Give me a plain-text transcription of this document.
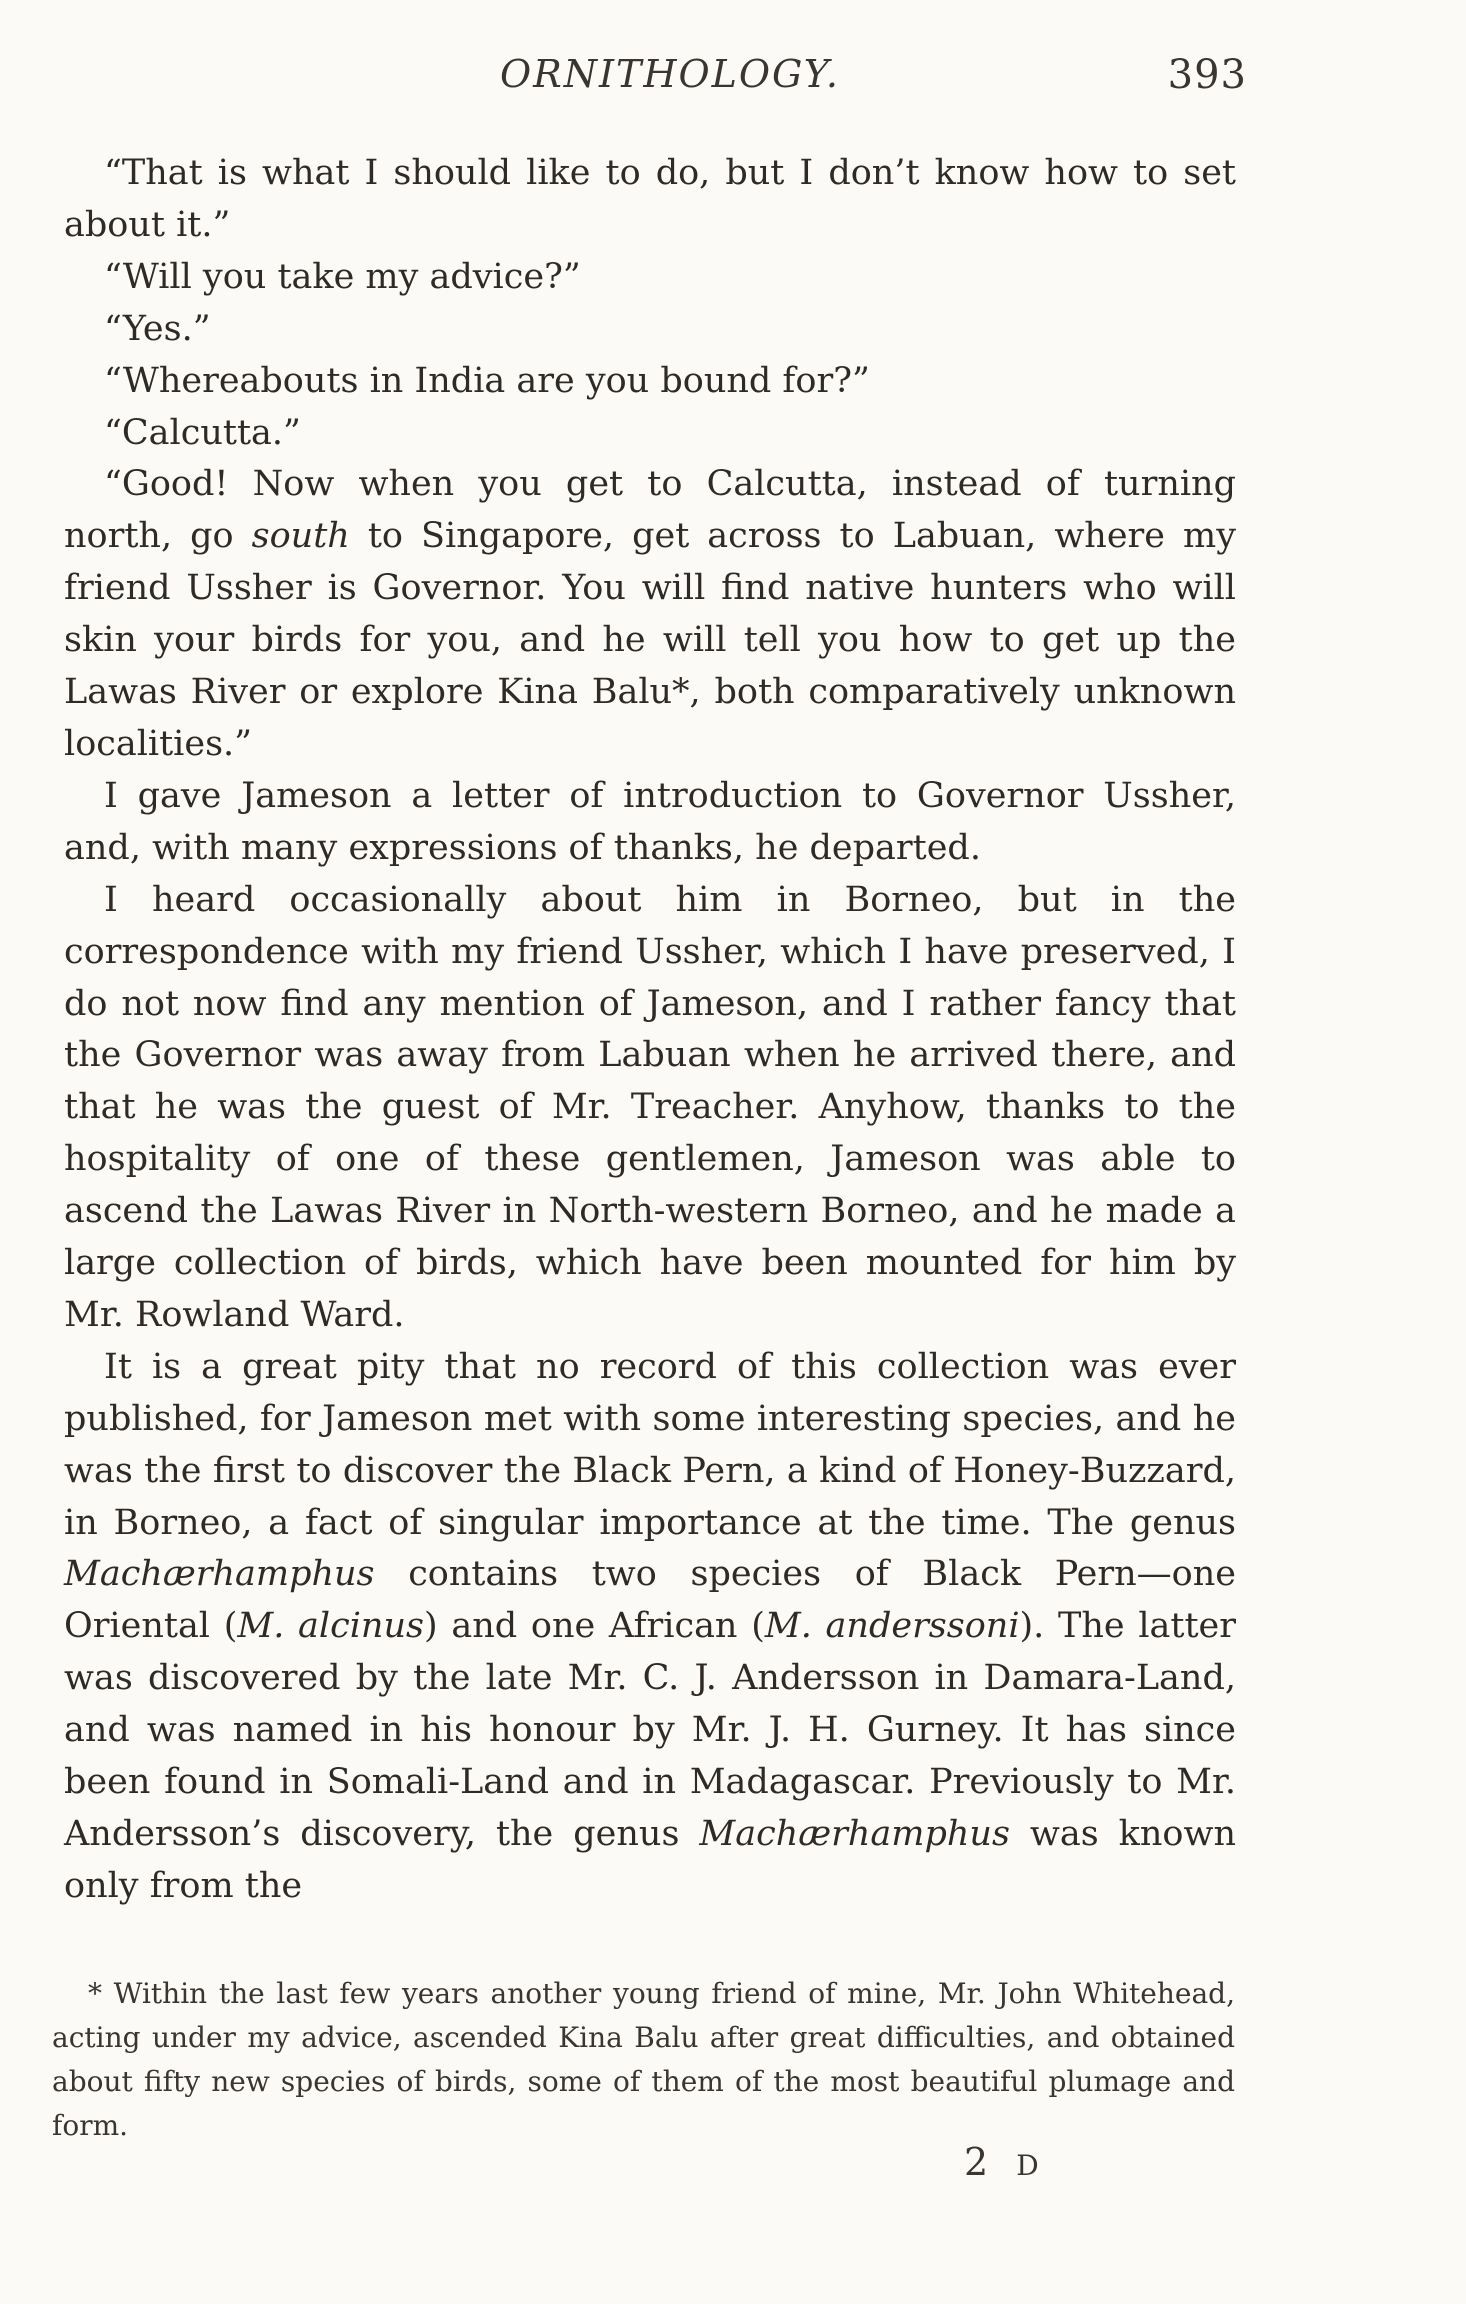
ORNITHOLOGY.	393

“That is what I should like to do, but I don’t know how to set about it.”

“Will you take my advice?”

“Yes.”

“Whereabouts in India are you bound for?”

“Calcutta.”

“Good! Now when you get to Calcutta, instead of turning north, go south to Singapore, get across to Labuan, where my friend Ussher is Governor. You will find native hunters who will skin your birds for you, and he will tell you how to get up the Lawas River or explore Kina Balu*, both comparatively unknown localities.”

I gave Jameson a letter of introduction to Governor Ussher, and, with many expressions of thanks, he departed.

I heard occasionally about him in Borneo, but in the correspondence with my friend Ussher, which I have preserved, I do not now find any mention of Jameson, and I rather fancy that the Governor was away from Labuan when he arrived there, and that he was the guest of Mr. Treacher. Anyhow, thanks to the hospitality of one of these gentlemen, Jameson was able to ascend the Lawas River in North-western Borneo, and he made a large collection of birds, which have been mounted for him by Mr. Rowland Ward.

It is a great pity that no record of this collection was ever published, for Jameson met with some interesting species, and he was the first to discover the Black Pern, a kind of Honey-Buzzard, in Borneo, a fact of singular importance at the time. The genus Machærhamphus contains two species of Black Pern—one Oriental (M. alcinus) and one African (M. anderssoni). The latter was discovered by the late Mr. C. J. Andersson in Damara-Land, and was named in his honour by Mr. J. H. Gurney. It has since been found in Somali-Land and in Madagascar. Previously to Mr. Andersson’s discovery, the genus Machærhamphus was known only from the

* Within the last few years another young friend of mine, Mr. John Whitehead, acting under my advice, ascended Kina Balu after great difficulties, and obtained about fifty new species of birds, some of them of the most beautiful plumage and form.

2 D
